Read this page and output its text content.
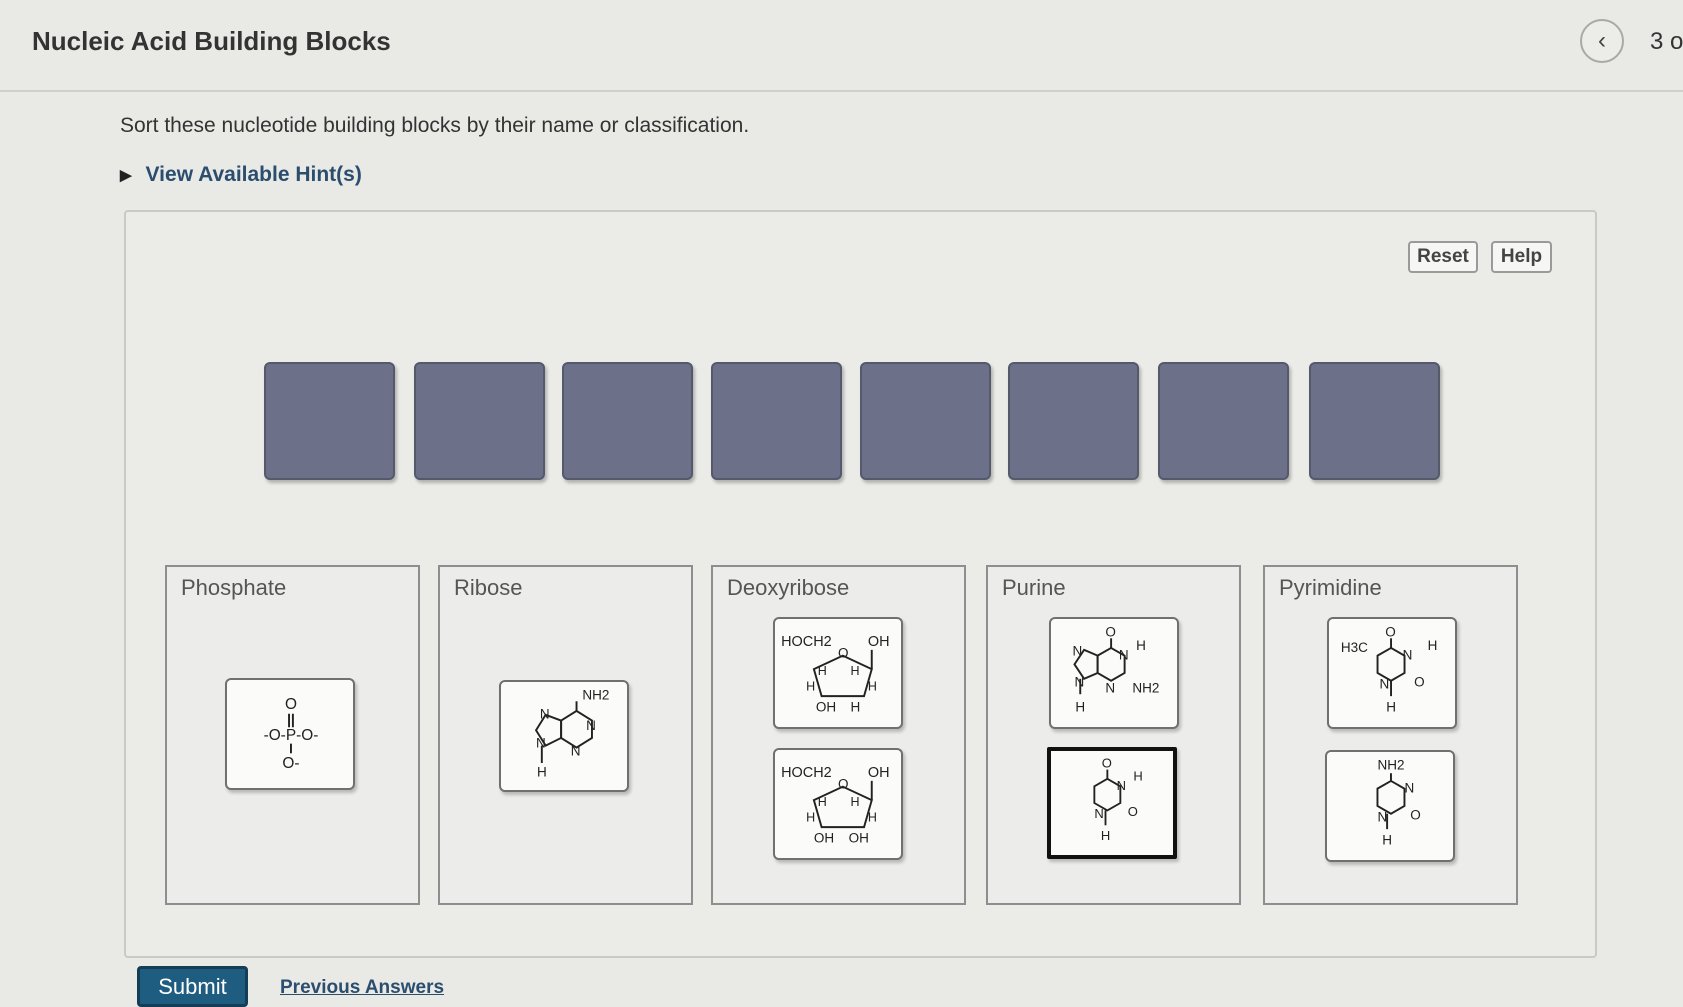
Nucleic Acid Building Blocks	‹ 3 o
Sort these nucleotide building blocks by their name or classification.
▶ View Available Hint(s)
Reset	Help
Phosphate
O
-O-P-O-
O-
Ribose
NH2
N
N
N
N
H
Deoxyribose
HOCH2 OH
O
H H
H	H
OH H
HOCH2 OH
O
H H
H	H
OH OH
Purine
O
N
H
N
N N NH2
H
O
N
H
N O
H
Pyrimidine
H3C
O
N
H
N O
H
NH2
N
N O
H
Submit	Previous Answers
